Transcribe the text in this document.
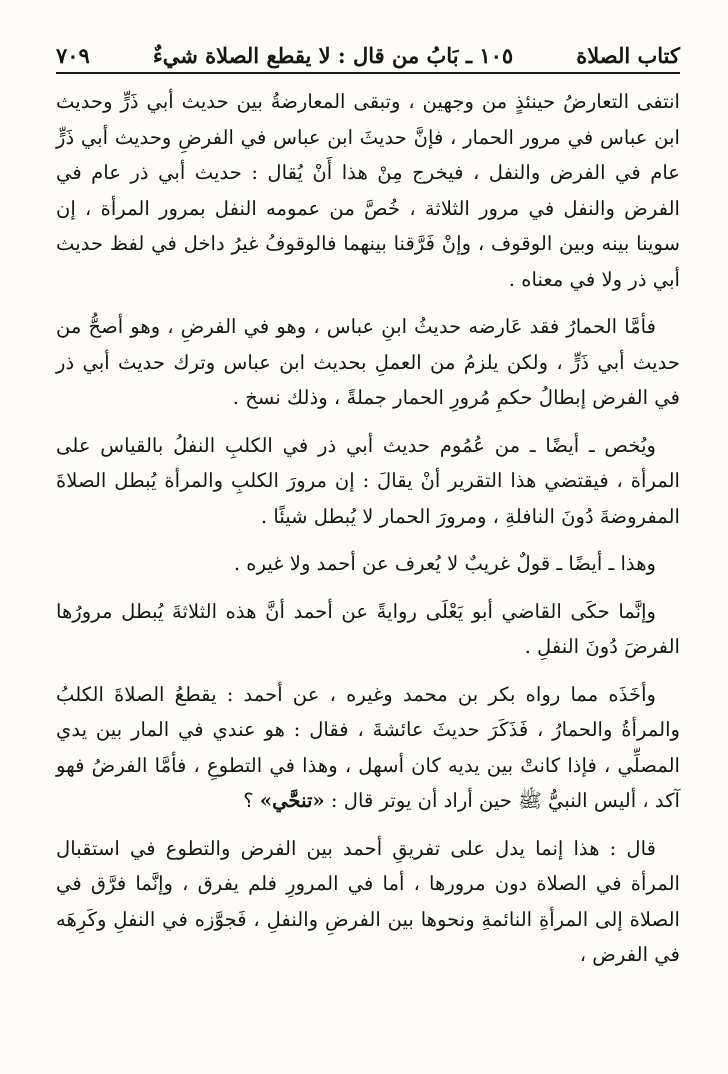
كتاب الصلاة
١٠٥ ـ بَابُ من قال : لا يقطع الصلاة شيءٌ
٧٠٩

انتفى التعارضُ حينئذٍ من وجهين ، وتبقى المعارضةُ بين حديث أبي ذَرٍّ وحديث ابن عباس في مرور الحمار ، فإنَّ حديثَ ابن عباس في الفرضِ وحديث أبي ذَرٍّ عام في الفرض والنفل ، فيخرج مِنْ هذا أَنْ يُقال : حديث أبي ذر عام في الفرض والنفل في مرور الثلاثة ، خُصَّ من عمومه النفل بمرور المرأة ، إن سوينا بينه وبين الوقوف ، وإنْ فَرَّقنا بينهما فالوقوفُ غيرُ داخل في لفظ حديث أبي ذر ولا في معناه .

فأمَّا الحمارُ فقد عَارضه حديثُ ابنِ عباس ، وهو في الفرضِ ، وهو أصحُّ من حديث أبي ذَرٍّ ، ولكن يلزمُ من العملِ بحديث ابن عباس وترك حديث أبي ذر في الفرض إبطالُ حكمِ مُرورِ الحمار جملةً ، وذلك نسخ .

ويُخص ـ أيضًا ـ من عُمُوم حديث أبي ذر في الكلبِ النفلُ بالقياس على المرأة ، فيقتضي هذا التقرير أنْ يقالَ : إن مرورَ الكلبِ والمرأة يُبطل الصلاةَ المفروضةَ دُونَ النافلةِ ، ومرورَ الحمار لا يُبطل شيئًا .

وهذا ـ أيضًا ـ قولٌ غريبٌ لا يُعرف عن أحمد ولا غيره .

وإنَّما حكَى القاضي أبو يَعْلَى روايةً عن أحمد أنَّ هذه الثلاثةَ يُبطل مرورُها الفرضَ دُونَ النفلِ .

وأخَذَه مما رواه بكر بن محمد وغيره ، عن أحمد : يقطعُ الصلاةَ الكلبُ والمرأةُ والحمارُ ، فَذَكَرَ حديثَ عائشةَ ، فقال : هو عندي في المار بين يدي المصلِّي ، فإذا كانتْ بين يديه كان أسهل ، وهذا في التطوعِ ، فأمَّا الفرضُ فهو آكد ، أليس النبيُّ ﷺ حين أراد أن يوتر قال : «تنحَّي» ؟

قال : هذا إنما يدل على تفريقِ أحمد بين الفرض والتطوع في استقبال المرأة في الصلاة دون مرورها ، أما في المرورِ فلم يفرق ، وإنَّما فرَّق في الصلاة إلى المرأةِ النائمةِ ونحوها بين الفرضِ والنفلِ ، فَجوَّزه في النفلِ وكَرِهَه في الفرض ،
